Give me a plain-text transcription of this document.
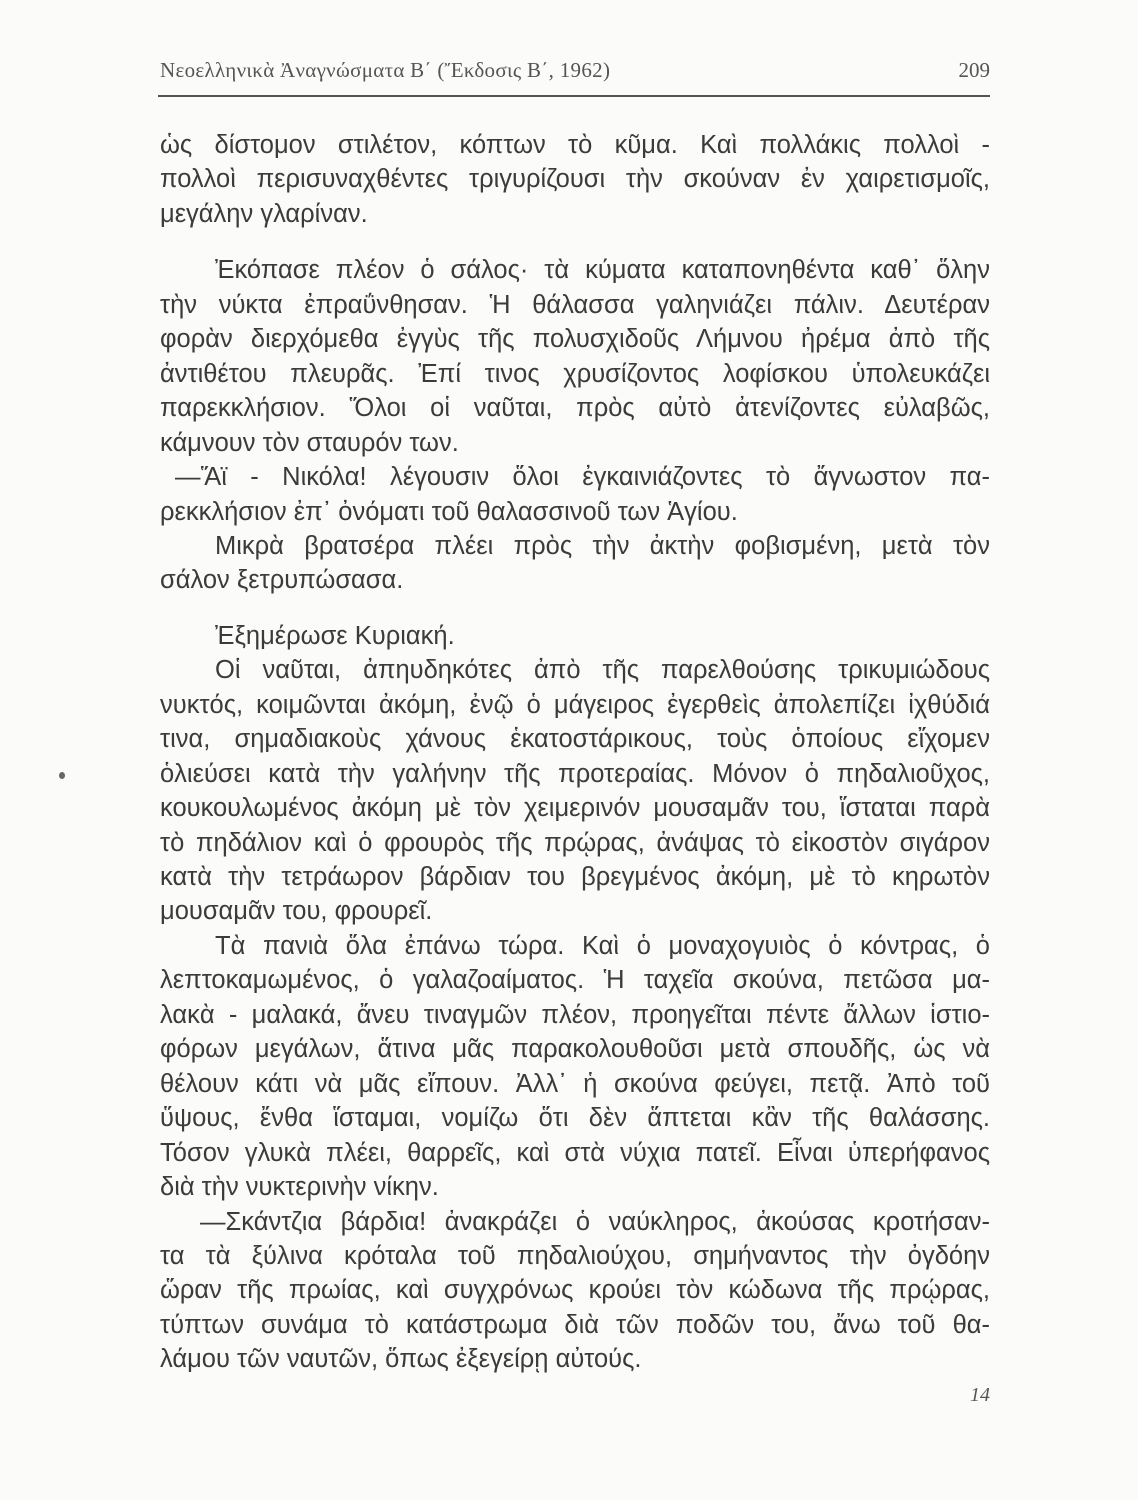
Νεοελληνικὰ Ἀναγνώσματα Β΄ (Ἔκδοσις Β΄, 1962)	209
ὡς δίστομον στιλέτον, κόπτων τὸ κῦμα. Καὶ πολλάκις πολλοὶ -
πολλοὶ περισυναχθέντες τριγυρίζουσι τὴν σκούναν ἐν χαιρετισμοῖς,
μεγάλην γλαρίναν.
Ἐκόπασε πλέον ὁ σάλος· τὰ κύματα καταπονηθέντα καθ᾽ ὅλην
τὴν νύκτα ἐπραΰνθησαν. Ἡ θάλασσα γαληνιάζει πάλιν. Δευτέραν
φορὰν διερχόμεθα ἐγγὺς τῆς πολυσχιδοῦς Λήμνου ἠρέμα ἀπὸ τῆς
ἀντιθέτου πλευρᾶς. Ἐπί τινος χρυσίζοντος λοφίσκου ὑπολευκάζει
παρεκκλήσιον. Ὅλοι οἱ ναῦται, πρὸς αὐτὸ ἀτενίζοντες εὐλαβῶς,
κάμνουν τὸν σταυρόν των.
—Ἅϊ - Νικόλα! λέγουσιν ὅλοι ἐγκαινιάζοντες τὸ ἄγνωστον πα-
ρεκκλήσιον ἐπ᾽ ὀνόματι τοῦ θαλασσινοῦ των Ἁγίου.
Μικρὰ βρατσέρα πλέει πρὸς τὴν ἀκτὴν φοβισμένη, μετὰ τὸν
σάλον ξετρυπώσασα.
Ἐξημέρωσε Κυριακή.
Οἱ ναῦται, ἀπηυδηκότες ἀπὸ τῆς παρελθούσης τρικυμιώδους
νυκτός, κοιμῶνται ἀκόμη, ἐνῷ ὁ μάγειρος ἐγερθεὶς ἀπολεπίζει ἰχθύδιά
τινα, σημαδιακοὺς χάνους ἑκατοστάρικους, τοὺς ὁποίους εἴχομεν
ὁλιεύσει κατὰ τὴν γαλήνην τῆς προτεραίας. Μόνον ὁ πηδαλιοῦχος,
κουκουλωμένος ἀκόμη μὲ τὸν χειμερινόν μουσαμᾶν του, ἵσταται παρὰ
τὸ πηδάλιον καὶ ὁ φρουρὸς τῆς πρῴρας, ἀνάψας τὸ εἰκοστὸν σιγάρον
κατὰ τὴν τετράωρον βάρδιαν του βρεγμένος ἀκόμη, μὲ τὸ κηρωτὸν
μουσαμᾶν του, φρουρεῖ.
Τὰ πανιὰ ὅλα ἐπάνω τώρα. Καὶ ὁ μοναχογυιὸς ὁ κόντρας, ὁ
λεπτοκαμωμένος, ὁ γαλαζοαίματος. Ἡ ταχεῖα σκούνα, πετῶσα μα-
λακὰ - μαλακά, ἄνευ τιναγμῶν πλέον, προηγεῖται πέντε ἄλλων ἱστιο-
φόρων μεγάλων, ἅτινα μᾶς παρακολουθοῦσι μετὰ σπουδῆς, ὡς νὰ
θέλουν κάτι νὰ μᾶς εἴπουν. Ἀλλ᾽ ἡ σκούνα φεύγει, πετᾷ. Ἀπὸ τοῦ
ὕψους, ἔνθα ἵσταμαι, νομίζω ὅτι δὲν ἅπτεται κἂν τῆς θαλάσσης.
Τόσον γλυκὰ πλέει, θαρρεῖς, καὶ στὰ νύχια πατεῖ. Εἶναι ὑπερήφανος
διὰ τὴν νυκτερινὴν νίκην.
—Σκάντζια βάρδια! ἀνακράζει ὁ ναύκληρος, ἀκούσας κροτήσαν-
τα τὰ ξύλινα κρόταλα τοῦ πηδαλιούχου, σημήναντος τὴν ὀγδόην
ὥραν τῆς πρωίας, καὶ συγχρόνως κρούει τὸν κώδωνα τῆς πρῴρας,
τύπτων συνάμα τὸ κατάστρωμα διὰ τῶν ποδῶν του, ἄνω τοῦ θα-
λάμου τῶν ναυτῶν, ὅπως ἐξεγείρῃ αὐτούς.
14
